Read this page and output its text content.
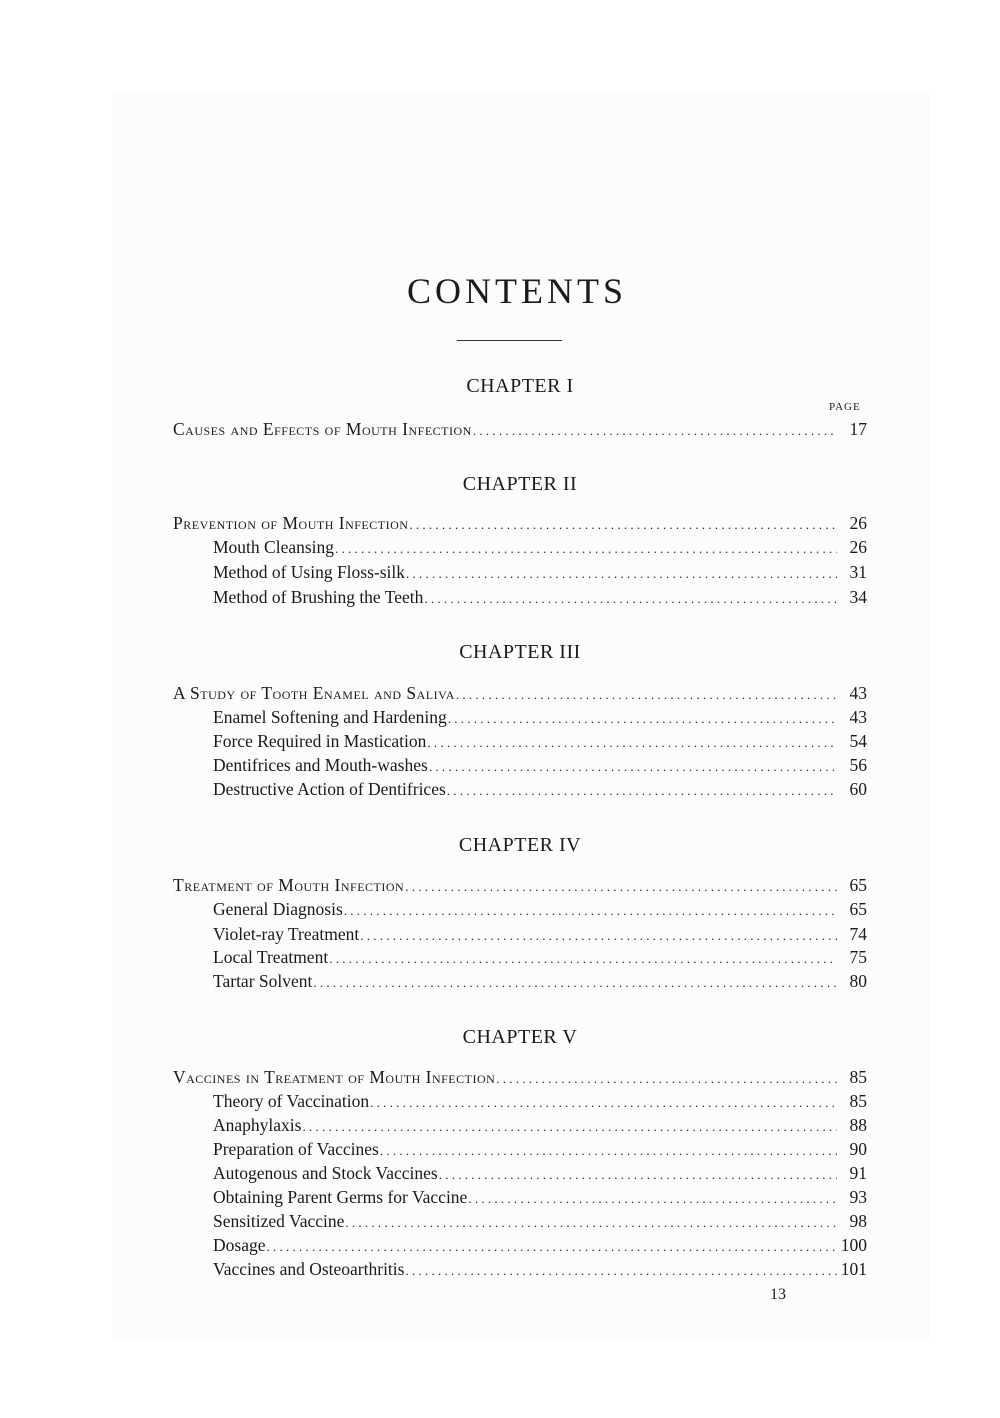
CONTENTS
CHAPTER I
PAGE
Causes and Effects of Mouth Infection . . .	17
CHAPTER II
Prevention of Mouth Infection . . .	26
Mouth Cleansing . . .	26
Method of Using Floss-silk . . .	31
Method of Brushing the Teeth . . .	34
CHAPTER III
A Study of Tooth Enamel and Saliva . . .	43
Enamel Softening and Hardening . . .	43
Force Required in Mastication . . .	54
Dentifrices and Mouth-washes . . .	56
Destructive Action of Dentifrices . . .	60
CHAPTER IV
Treatment of Mouth Infection . . .	65
General Diagnosis . . .	65
Violet-ray Treatment . . .	74
Local Treatment . . .	75
Tartar Solvent . . .	80
CHAPTER V
Vaccines in Treatment of Mouth Infection . . .	85
Theory of Vaccination . . .	85
Anaphylaxis . . .	88
Preparation of Vaccines . . .	90
Autogenous and Stock Vaccines . . .	91
Obtaining Parent Germs for Vaccine . . .	93
Sensitized Vaccine . . .	98
Dosage . . .	100
Vaccines and Osteoarthritis . . .	101
13
